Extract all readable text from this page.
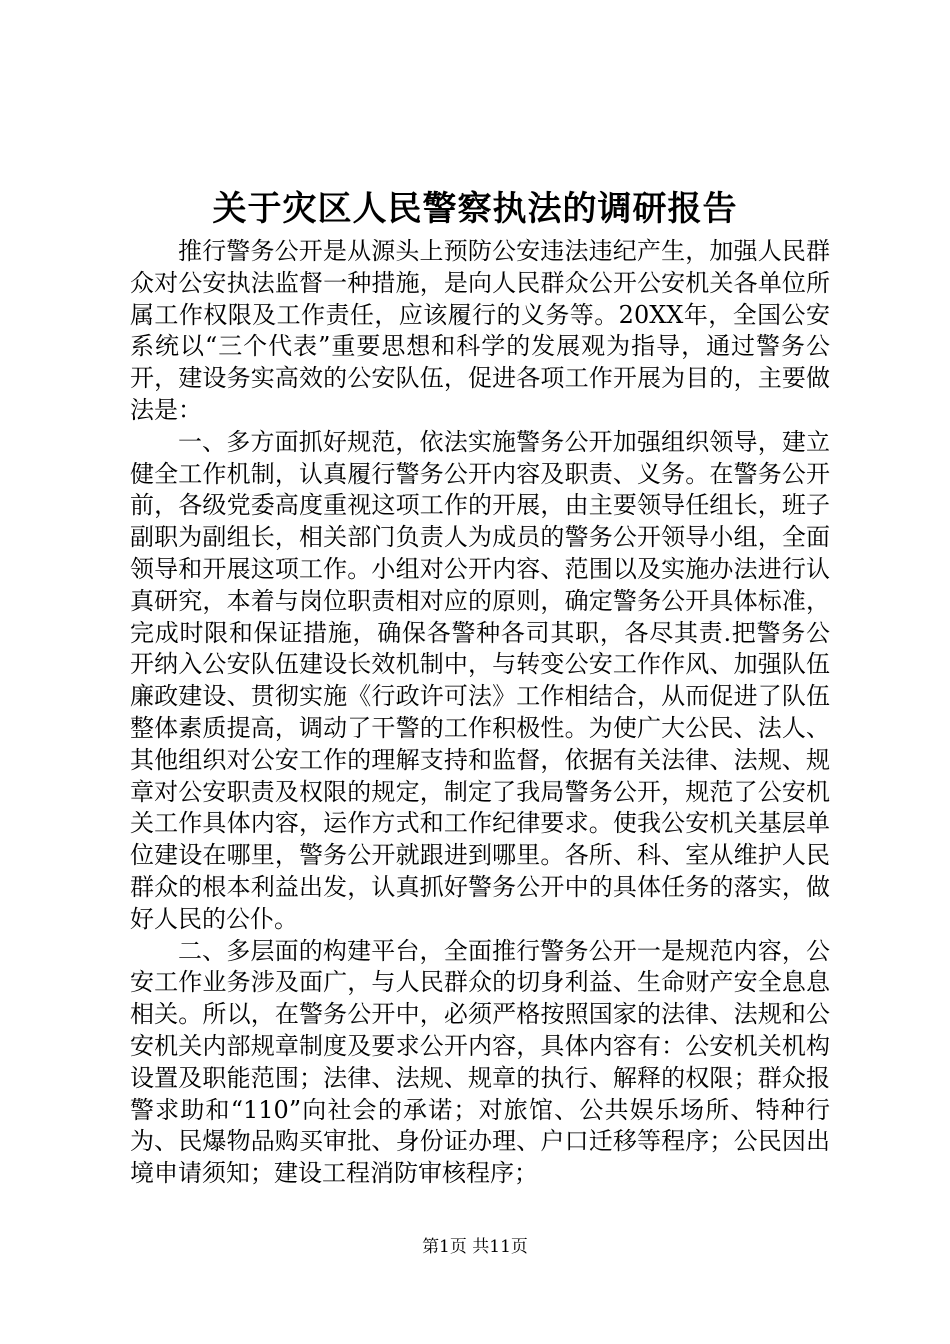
关于灾区人民警察执法的调研报告

推行警务公开是从源头上预防公安违法违纪产生，加强人民群众对公安执法监督一种措施，是向人民群众公开公安机关各单位所属工作权限及工作责任，应该履行的义务等。20XX年，全国公安系统以“三个代表”重要思想和科学的发展观为指导，通过警务公开，建设务实高效的公安队伍，促进各项工作开展为目的，主要做法是：

一、多方面抓好规范，依法实施警务公开加强组织领导，建立健全工作机制，认真履行警务公开内容及职责、义务。在警务公开前，各级党委高度重视这项工作的开展，由主要领导任组长，班子副职为副组长，相关部门负责人为成员的警务公开领导小组，全面领导和开展这项工作。小组对公开内容、范围以及实施办法进行认真研究，本着与岗位职责相对应的原则，确定警务公开具体标准，完成时限和保证措施，确保各警种各司其职，各尽其责.把警务公开纳入公安队伍建设长效机制中，与转变公安工作作风、加强队伍廉政建设、贯彻实施《行政许可法》工作相结合，从而促进了队伍整体素质提高，调动了干警的工作积极性。为使广大公民、法人、其他组织对公安工作的理解支持和监督，依据有关法律、法规、规章对公安职责及权限的规定，制定了我局警务公开，规范了公安机关工作具体内容，运作方式和工作纪律要求。使我公安机关基层单位建设在哪里，警务公开就跟进到哪里。各所、科、室从维护人民群众的根本利益出发，认真抓好警务公开中的具体任务的落实，做好人民的公仆。

二、多层面的构建平台，全面推行警务公开一是规范内容，公安工作业务涉及面广，与人民群众的切身利益、生命财产安全息息相关。所以，在警务公开中，必须严格按照国家的法律、法规和公安机关内部规章制度及要求公开内容，具体内容有：公安机关机构设置及职能范围；法律、法规、规章的执行、解释的权限；群众报警求助和“110”向社会的承诺；对旅馆、公共娱乐场所、特种行为、民爆物品购买审批、身份证办理、户口迁移等程序；公民因出境申请须知；建设工程消防审核程序；

第1页 共11页
